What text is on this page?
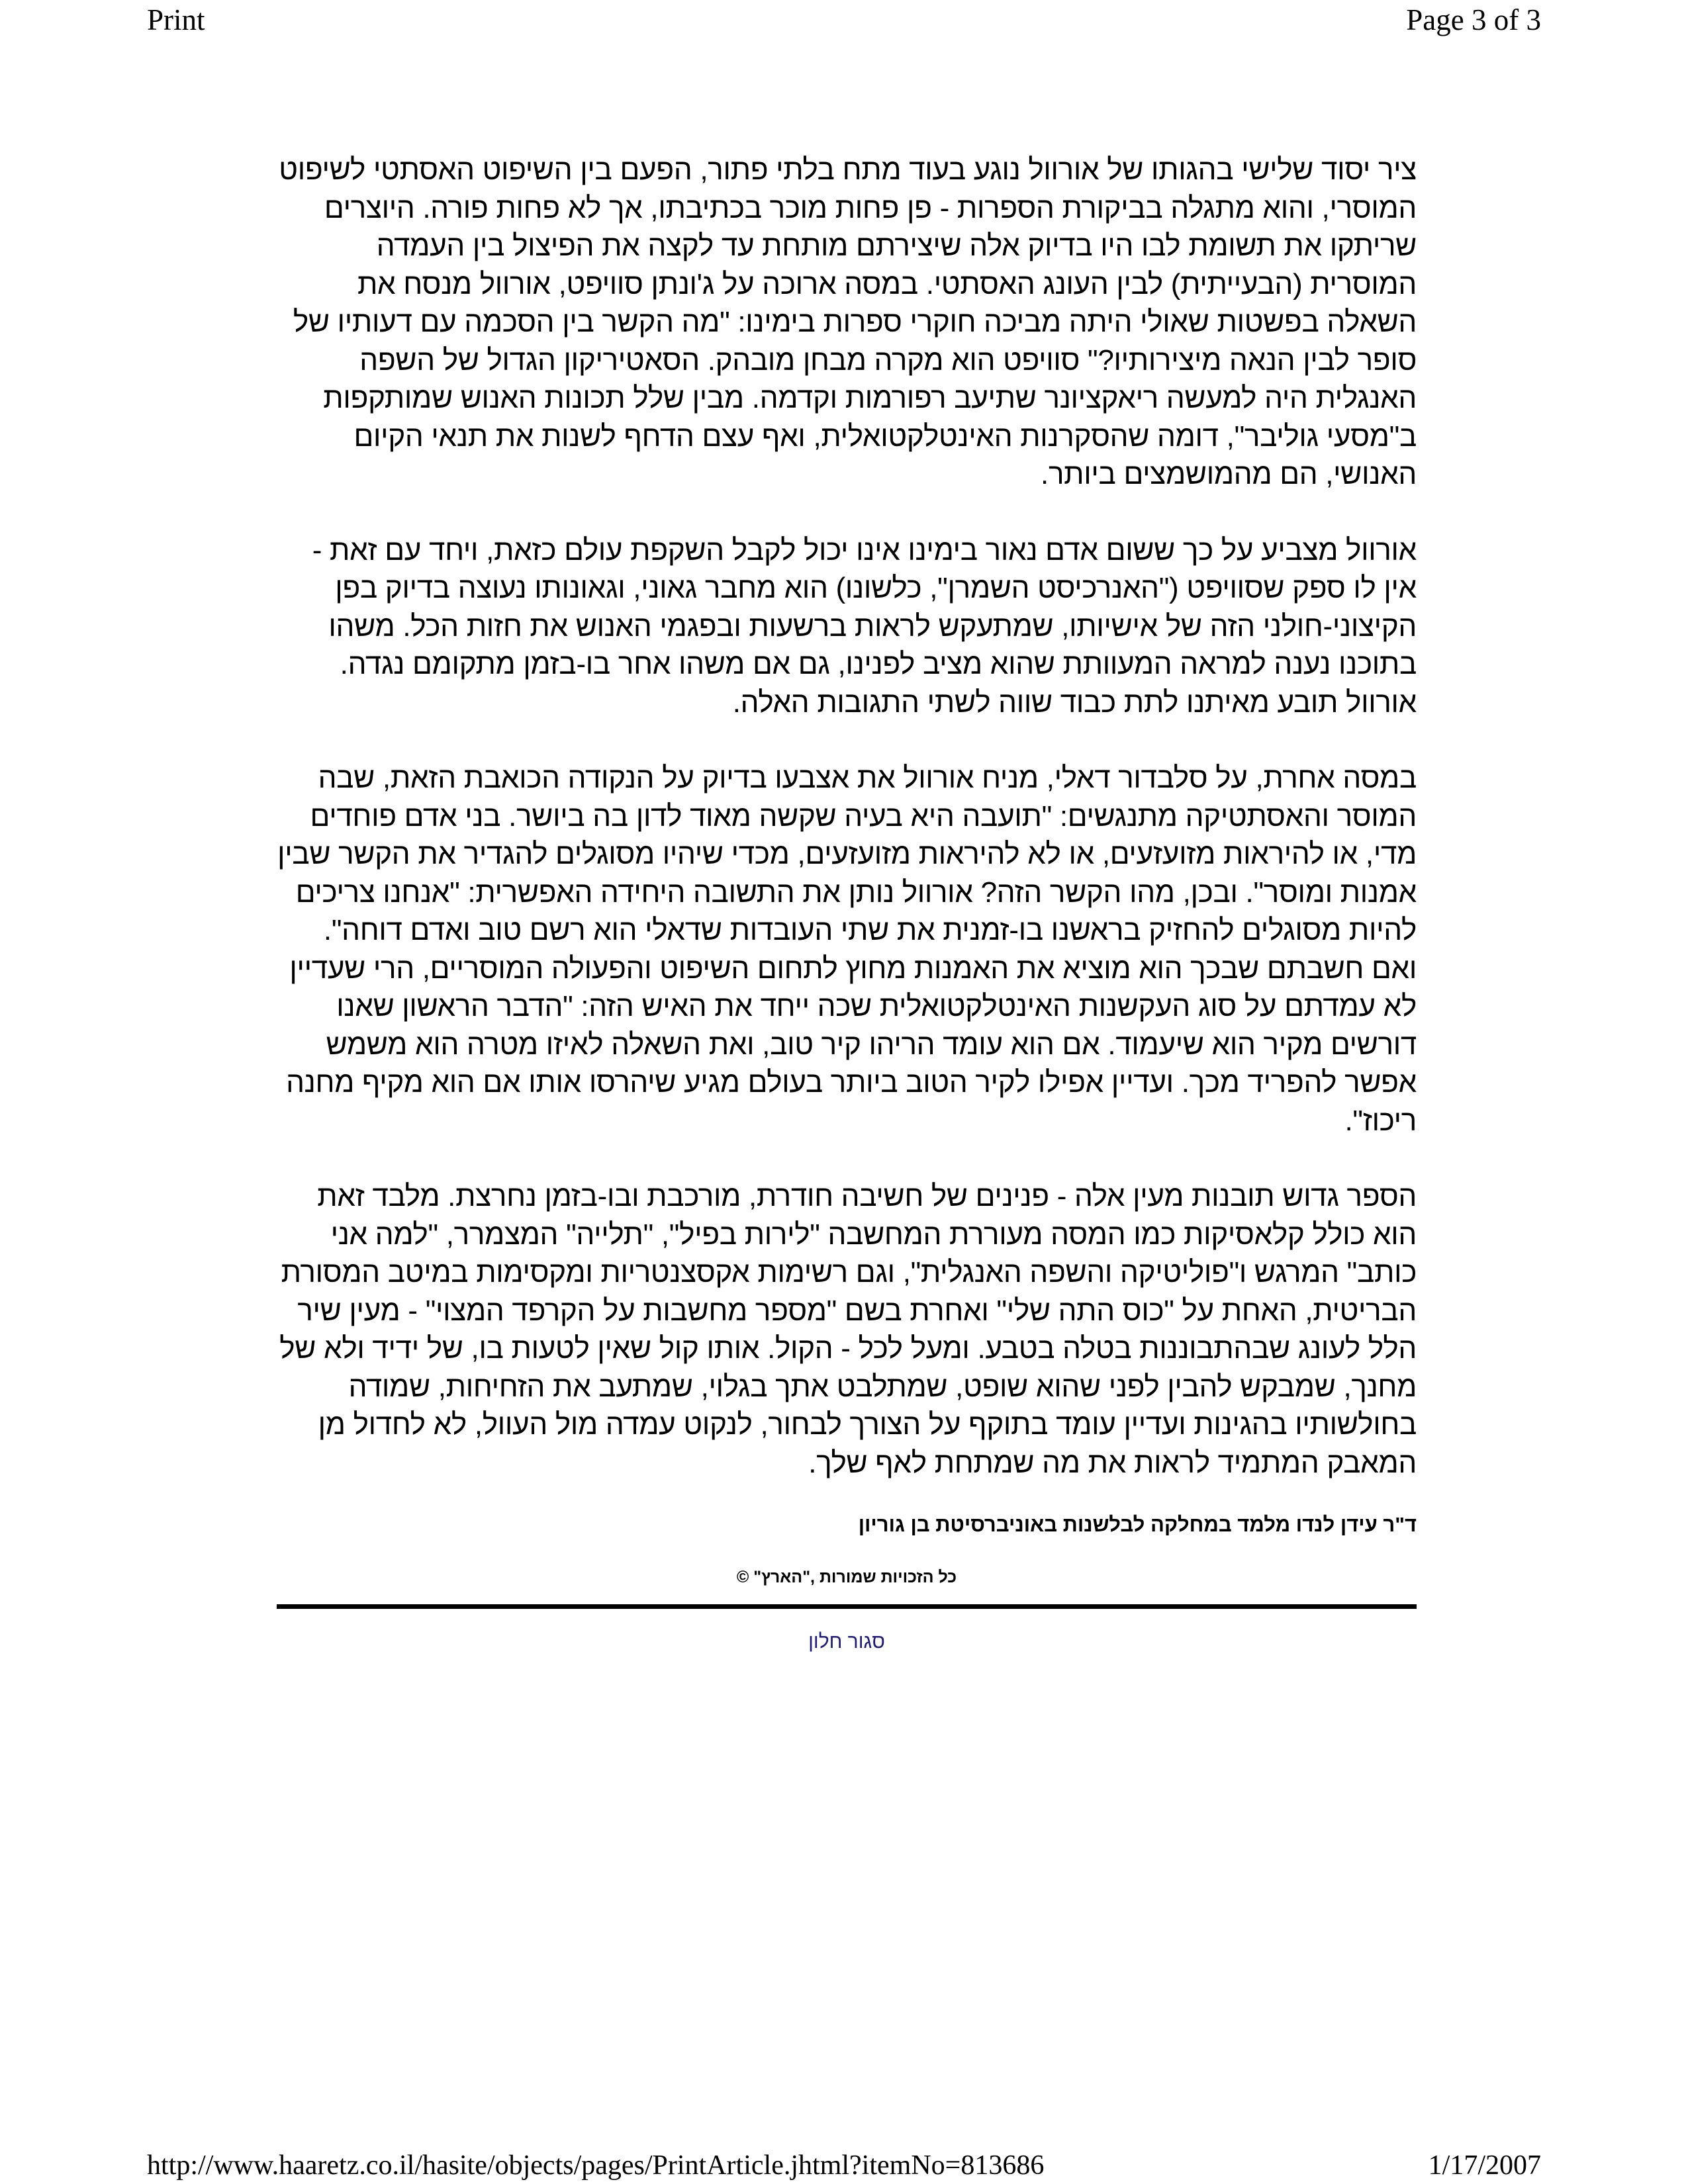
Print	Page 3 of 3

ציר יסוד שלישי בהגותו של אורוול נוגע בעוד מתח בלתי פתור, הפעם בין השיפוט האסתטי לשיפוט המוסרי, והוא מתגלה בביקורת הספרות - פן פחות מוכר בכתיבתו, אך לא פחות פורה. היוצרים שריתקו את תשומת לבו היו בדיוק אלה שיצירתם מותחת עד לקצה את הפיצול בין העמדה המוסרית (הבעייתית) לבין העונג האסתטי. במסה ארוכה על ג'ונתן סוויפט, אורוול מנסח את השאלה בפשטות שאולי היתה מביכה חוקרי ספרות בימינו: "מה הקשר בין הסכמה עם דעותיו של סופר לבין הנאה מיצירותיו?" סוויפט הוא מקרה מבחן מובהק. הסאטיריקון הגדול של השפה האנגלית היה למעשה ריאקציונר שתיעב רפורמות וקדמה. מבין שלל תכונות האנוש שמותקפות ב"מסעי גוליבר", דומה שהסקרנות האינטלקטואלית, ואף עצם הדחף לשנות את תנאי הקיום האנושי, הם מהמושמצים ביותר.

אורוול מצביע על כך ששום אדם נאור בימינו אינו יכול לקבל השקפת עולם כזאת, ויחד עם זאת - אין לו ספק שסוויפט ("האנרכיסט השמרן", כלשונו) הוא מחבר גאוני, וגאונותו נעוצה בדיוק בפן הקיצוני-חולני הזה של אישיותו, שמתעקש לראות ברשעות ובפגמי האנוש את חזות הכל. משהו בתוכנו נענה למראה המעוותת שהוא מציב לפנינו, גם אם משהו אחר בו-בזמן מתקומם נגדה. אורוול תובע מאיתנו לתת כבוד שווה לשתי התגובות האלה.

במסה אחרת, על סלבדור דאלי, מניח אורוול את אצבעו בדיוק על הנקודה הכואבת הזאת, שבה המוסר והאסתטיקה מתנגשים: "תועבה היא בעיה שקשה מאוד לדון בה ביושר. בני אדם פוחדים מדי, או להיראות מזועזעים, או לא להיראות מזועזעים, מכדי שיהיו מסוגלים להגדיר את הקשר שבין אמנות ומוסר". ובכן, מהו הקשר הזה? אורוול נותן את התשובה היחידה האפשרית: "אנחנו צריכים להיות מסוגלים להחזיק בראשנו בו-זמנית את שתי העובדות שדאלי הוא רשם טוב ואדם דוחה". ואם חשבתם שבכך הוא מוציא את האמנות מחוץ לתחום השיפוט והפעולה המוסריים, הרי שעדיין לא עמדתם על סוג העקשנות האינטלקטואלית שכה ייחד את האיש הזה: "הדבר הראשון שאנו דורשים מקיר הוא שיעמוד. אם הוא עומד הריהו קיר טוב, ואת השאלה לאיזו מטרה הוא משמש אפשר להפריד מכך. ועדיין אפילו לקיר הטוב ביותר בעולם מגיע שיהרסו אותו אם הוא מקיף מחנה ריכוז".

הספר גדוש תובנות מעין אלה - פנינים של חשיבה חודרת, מורכבת ובו-בזמן נחרצת. מלבד זאת הוא כולל קלאסיקות כמו המסה מעוררת המחשבה "לירות בפיל", "תלייה" המצמרר, "למה אני כותב" המרגש ו"פוליטיקה והשפה האנגלית", וגם רשימות אקסצנטריות ומקסימות במיטב המסורת הבריטית, האחת על "כוס התה שלי" ואחרת בשם "מספר מחשבות על הקרפד המצוי" - מעין שיר הלל לעונג שבהתבוננות בטלה בטבע. ומעל לכל - הקול. אותו קול שאין לטעות בו, של ידיד ולא של מחנך, שמבקש להבין לפני שהוא שופט, שמתלבט אתך בגלוי, שמתעב את הזחיחות, שמודה בחולשותיו בהגינות ועדיין עומד בתוקף על הצורך לבחור, לנקוט עמדה מול העוול, לא לחדול מן המאבק המתמיד לראות את מה שמתחת לאף שלך.

ד"ר עידן לנדו מלמד במחלקה לבלשנות באוניברסיטת בן גוריון
כל הזכויות שמורות ,"הארץ" ©
סגור חלון
http://www.haaretz.co.il/hasite/objects/pages/PrintArticle.jhtml?itemNo=813686	1/17/2007
